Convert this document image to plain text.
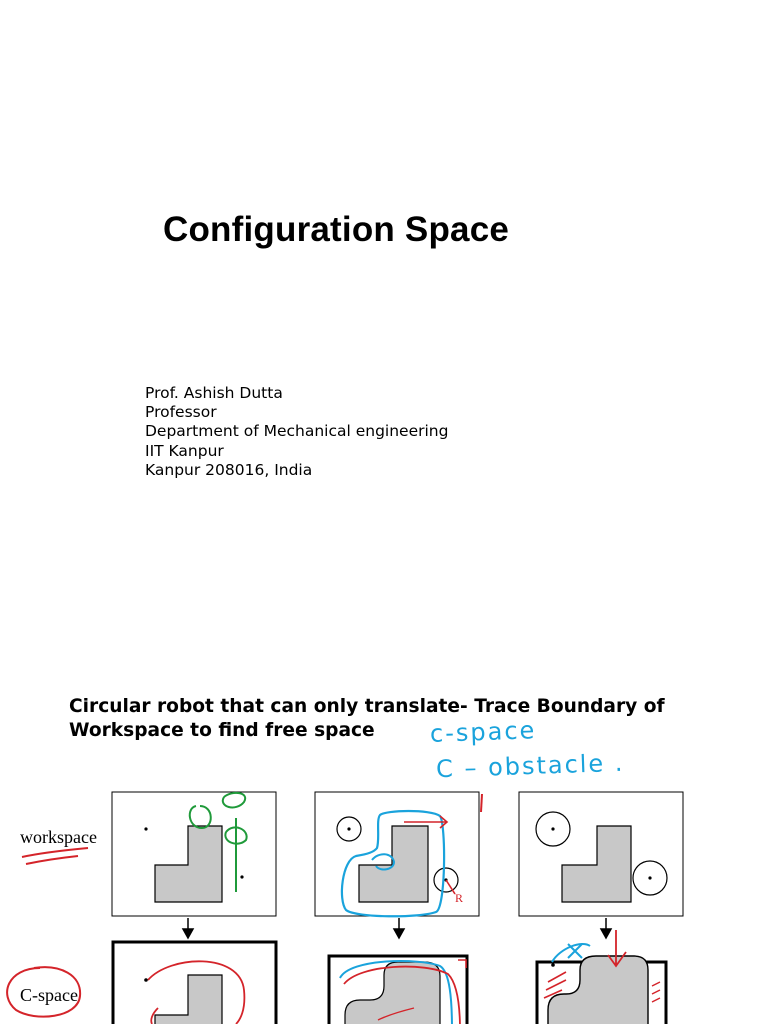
Configuration Space
Prof. Ashish Dutta
Professor
Department of Mechanical engineering
IIT Kanpur
Kanpur 208016, India
Circular robot that can only translate- Trace Boundary of
Workspace to find free space	c-space
C – obstacle .
workspace
C-space
R
